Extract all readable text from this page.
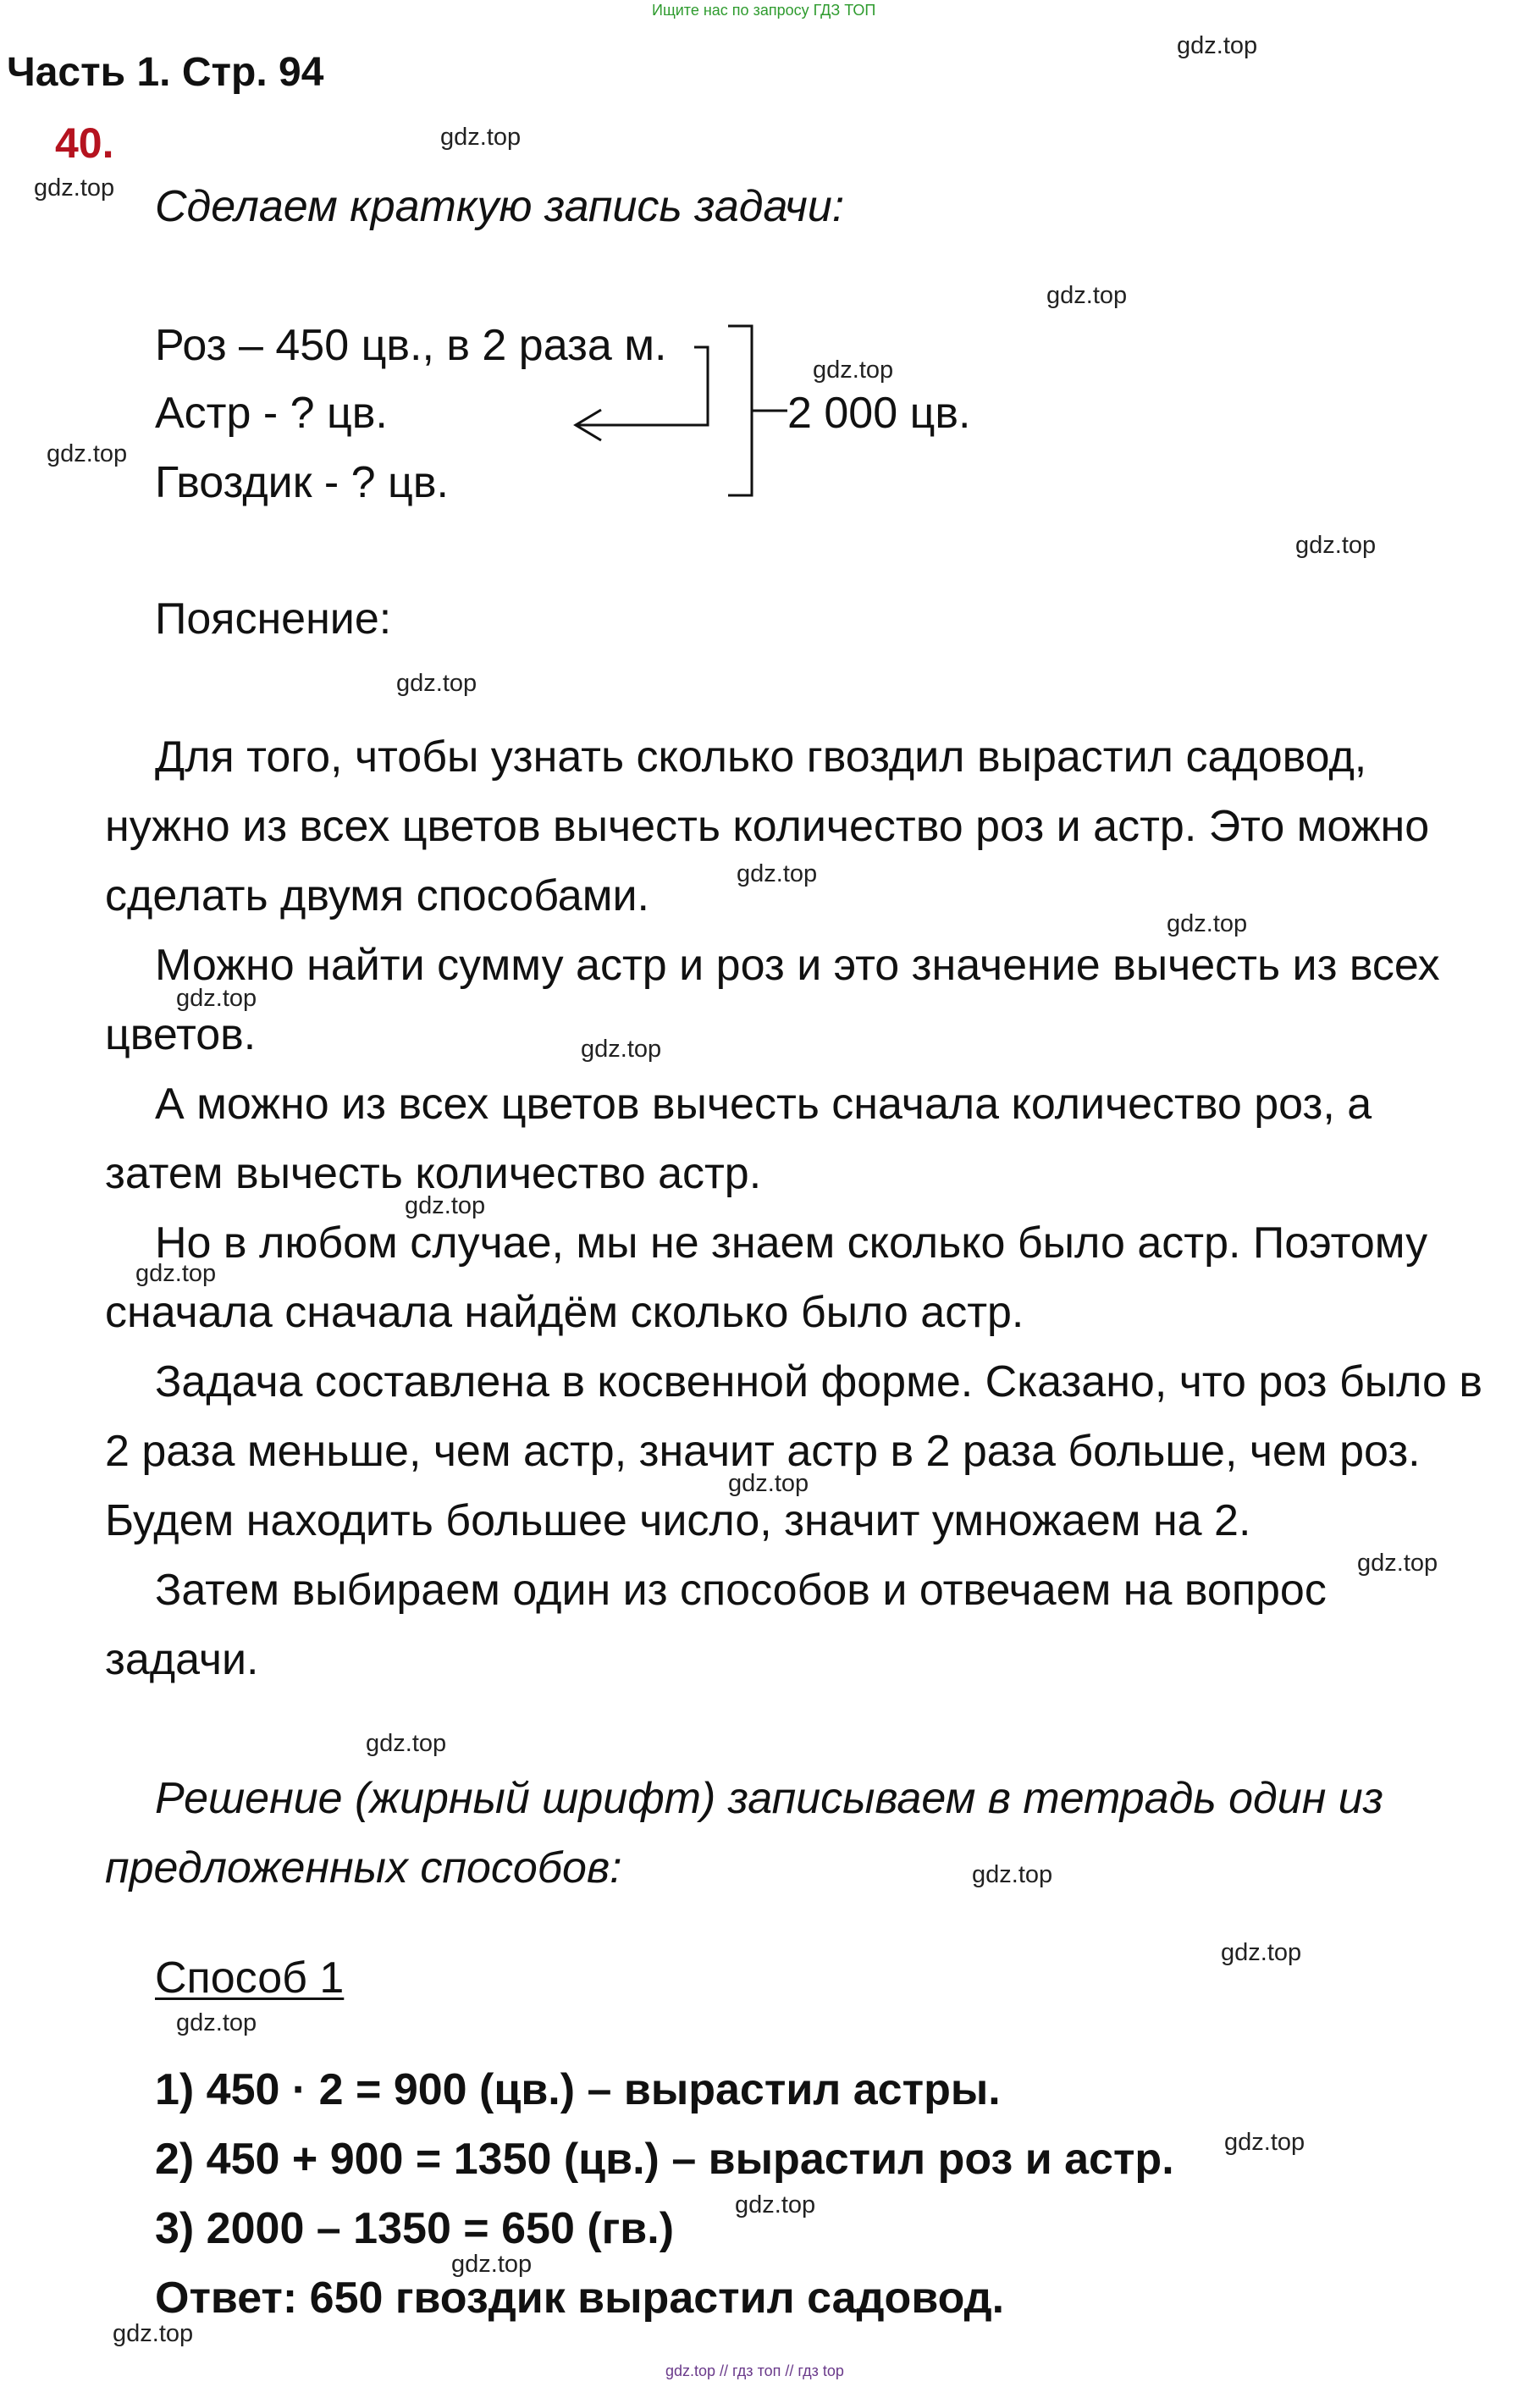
Ищите нас по запросу ГДЗ ТОП
Часть 1. Стр. 94
40.
Сделаем краткую запись задачи:
Роз – 450 цв., в 2 раза м.
Астр - ? цв.
Гвоздик - ? цв.
2 000 цв.
Пояснение:
Для того, чтобы узнать сколько гвоздил вырастил садовод,
нужно из всех цветов вычесть количество роз и астр. Это можно
сделать двумя способами.
Можно найти сумму астр и роз и это значение вычесть из всех
цветов.
А можно из всех цветов вычесть сначала количество роз, а
затем вычесть количество астр.
Но в любом случае, мы не знаем сколько было астр. Поэтому
сначала сначала найдём сколько было астр.
Задача составлена в косвенной форме. Сказано, что роз было в
2 раза меньше, чем астр, значит астр в 2 раза больше, чем роз.
Будем находить большее число, значит умножаем на 2.
Затем выбираем один из способов и отвечаем на вопрос
задачи.
Решение (жирный шрифт) записываем в тетрадь один из
предложенных способов:
Способ 1
1) 450 · 2 = 900 (цв.) – вырастил астры.
2) 450 + 900 = 1350 (цв.) – вырастил роз и астр.
3) 2000 – 1350 = 650 (гв.)
Ответ: 650 гвоздик вырастил садовод.
gdz.top
gdz.top
gdz.top
gdz.top
gdz.top
gdz.top
gdz.top
gdz.top
gdz.top
gdz.top
gdz.top
gdz.top
gdz.top
gdz.top
gdz.top
gdz.top
gdz.top
gdz.top
gdz.top
gdz.top
gdz.top
gdz.top
gdz.top
gdz.top
gdz.top // гдз топ // гдз top
